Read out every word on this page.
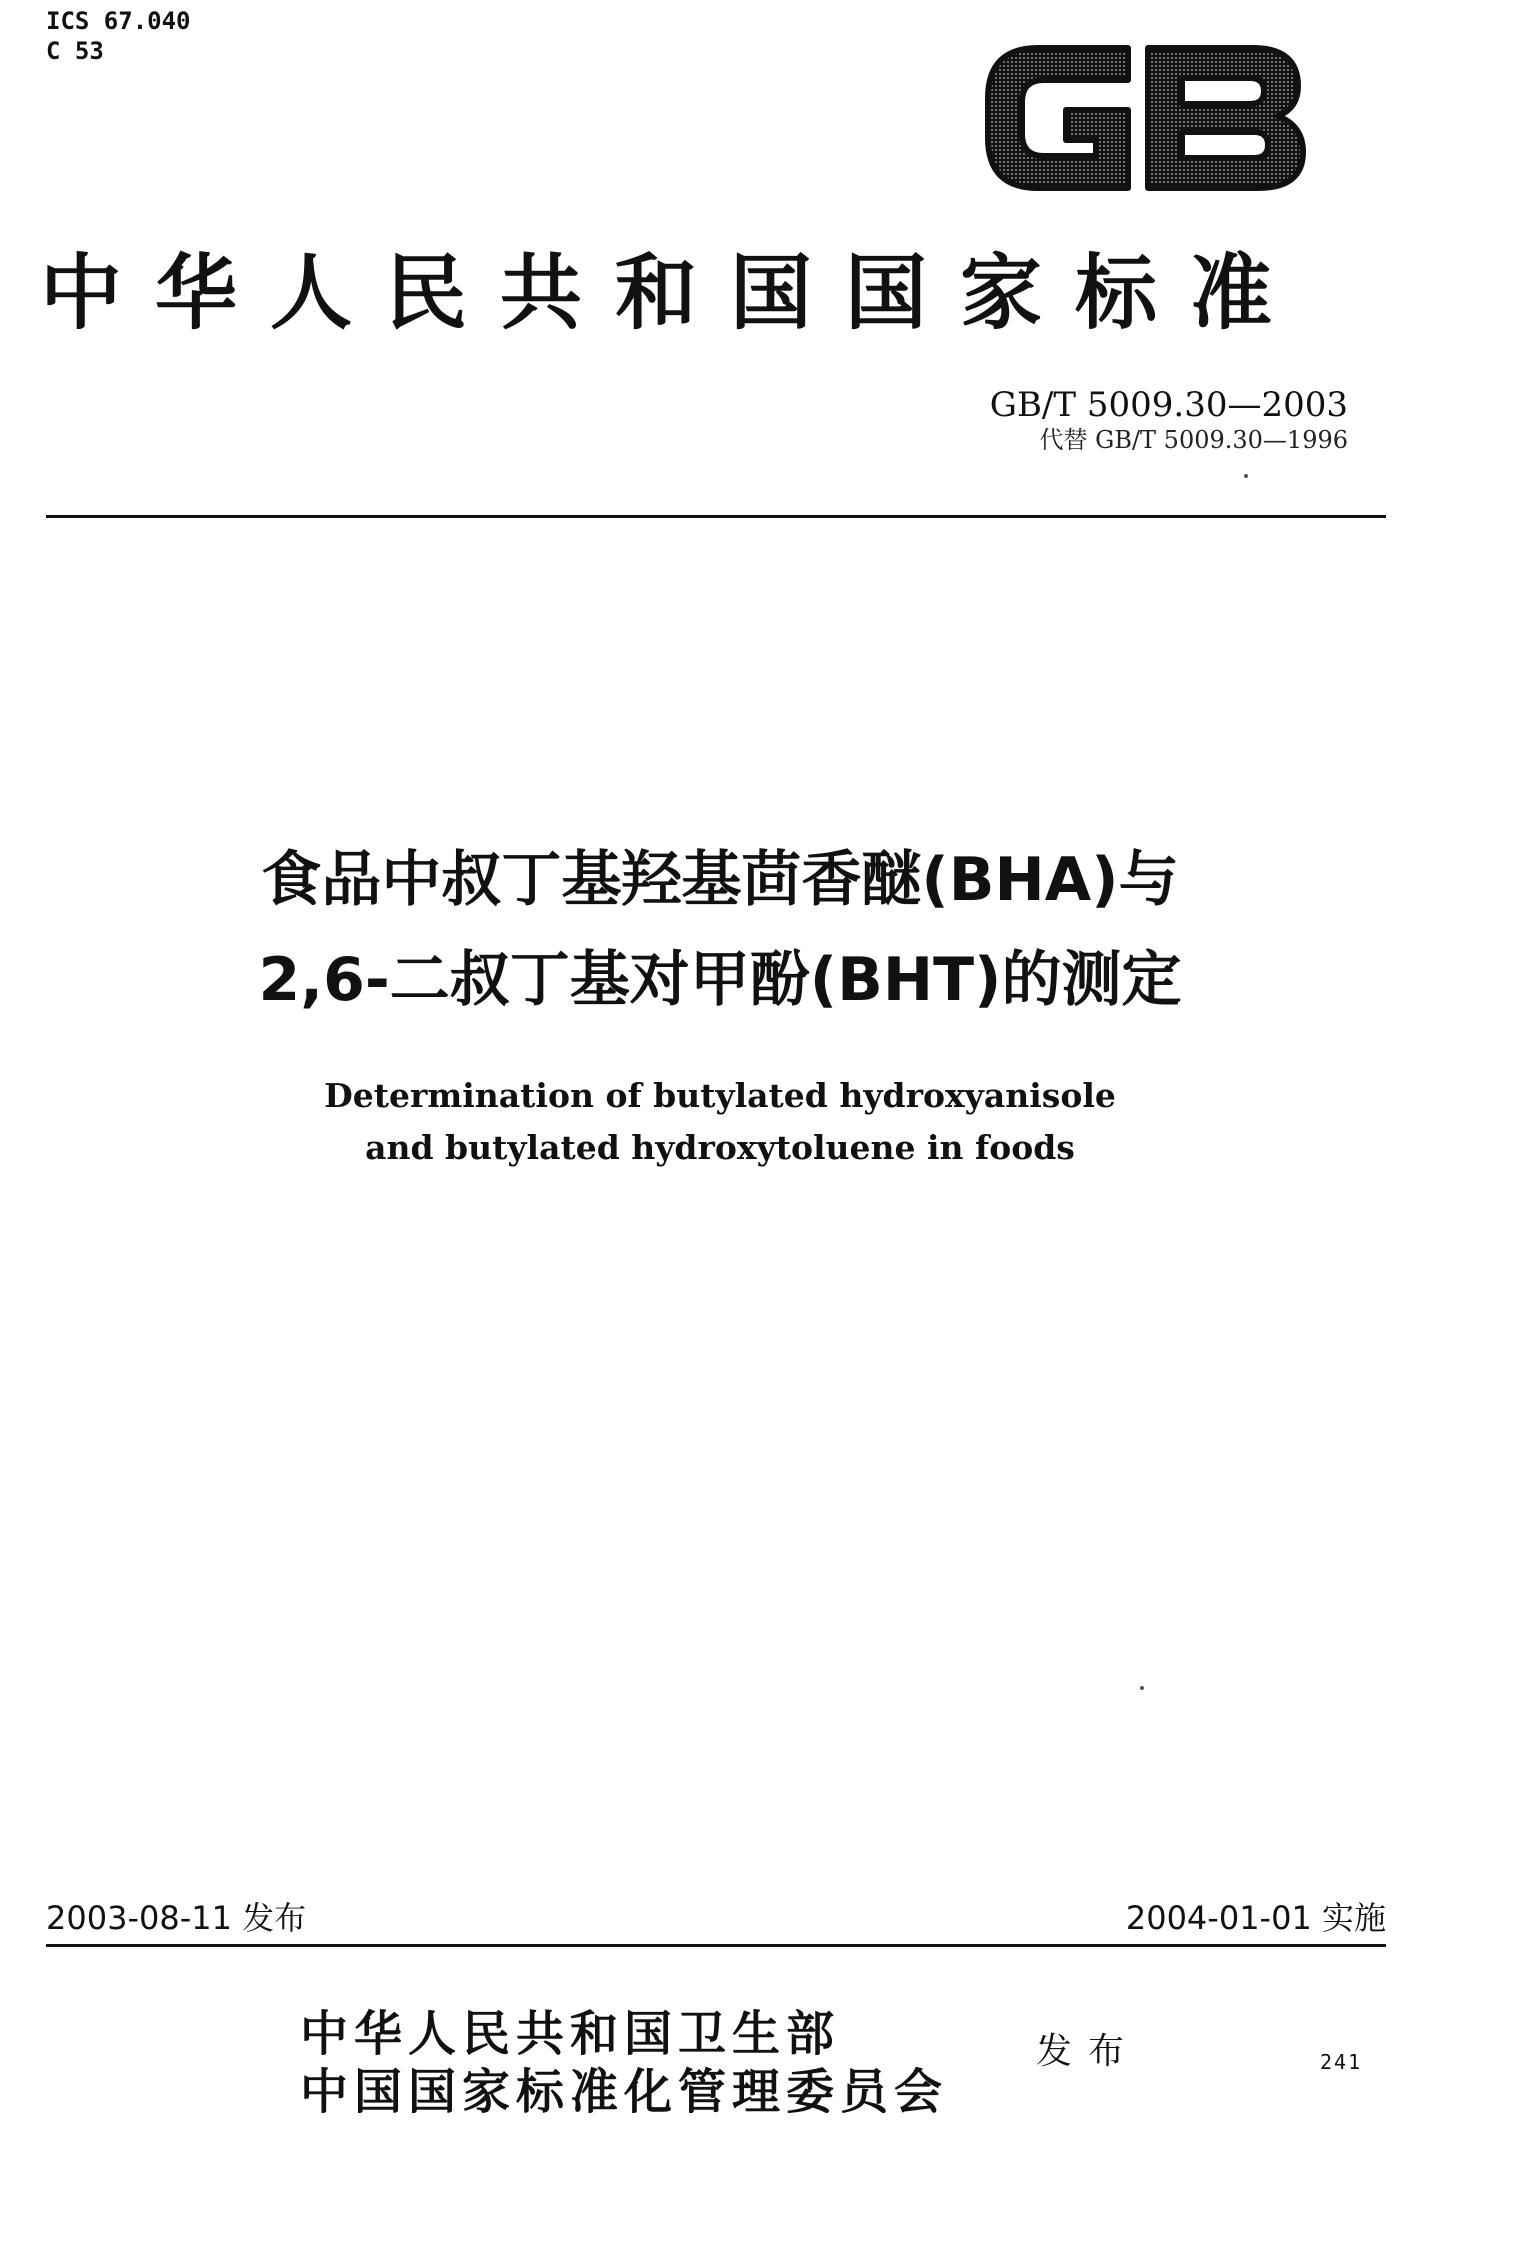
ICS 67.040
C 53
GB
中华人民共和国国家标准
GB/T 5009.30—2003
代替 GB/T 5009.30—1996
食品中叔丁基羟基茴香醚(BHA)与
2,6-二叔丁基对甲酚(BHT)的测定
Determination of butylated hydroxyanisole
and butylated hydroxytoluene in foods
2003-08-11 发布	2004-01-01 实施
中华人民共和国卫生部
中国国家标准化管理委员会
发布	241
